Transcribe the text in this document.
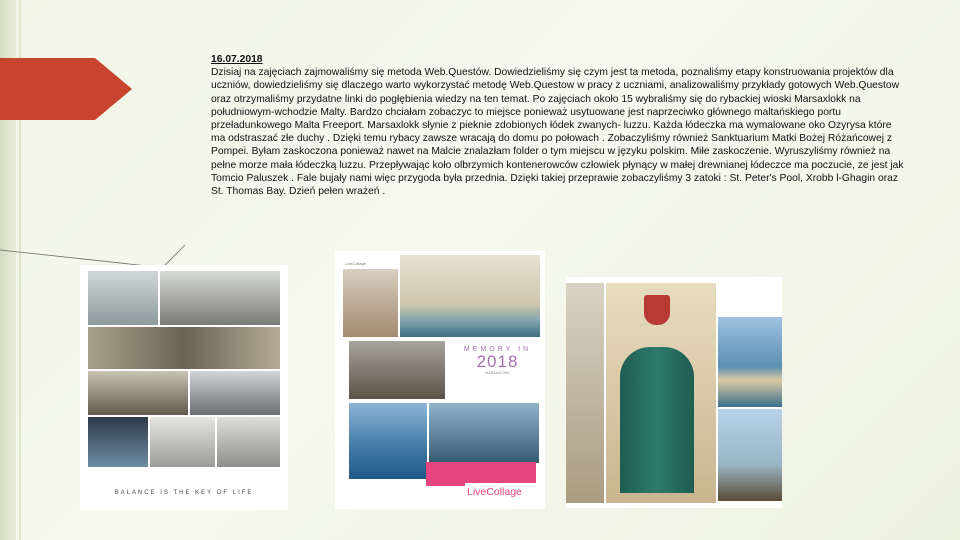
16.07.2018
Dzisiaj na zajęciach zajmowaliśmy się metoda Web.Questów. Dowiedzieliśmy się czym jest ta metoda, poznaliśmy etapy konstruowania projektów dla uczniów, dowiedzieliśmy się dlaczego warto wykorzystać metodę Web.Questow w pracy z uczniami, analizowaliśmy przykłady gotowych Web.Questow oraz otrzymaliśmy przydatne linki do pogłębienia wiedzy na ten temat. Po zajęciach około 15 wybraliśmy się do rybackiej wioski Marsaxlokk na południowym-wchodzie Malty. Bardzo chciałam zobaczyc to miejsce ponieważ usytuowane jest naprzeciwko głównego maltańskiego portu przeładunkowego Malta Freeport. Marsaxlokk słynie z pieknie zdobionych łódek zwanych- luzzu. Każda łódeczka ma wymalowane oko Ozyrysa które ma odstraszać złe duchy . Dzięki temu rybacy zawsze wracają do domu po połowach . Zobaczyliśmy również Sanktuarium Matki Bożej Różańcowej z Pompei. Byłam zaskoczona ponieważ nawet na Malcie znalazłam folder o tym miejscu w języku polskim. Miłe zaskoczenie. Wyruszyliśmy również na pełne morze mała łódeczką luzzu. Przepływając koło olbrzymich kontenerowców człowiek płynący w małej drewnianej łódeczce ma poczucie, ze jest jak Tomcio Paluszek . Fale bujały nami więc przygoda była przednia. Dzięki takiej przeprawie zobaczyliśmy 3 zatoki : St. Peter's Pool, Xrobb l-Ghagin oraz St. Thomas Bay. Dzień pełen wrażeń .
BALANCE IS THE KEY OF LIFE
LiveCollage
MEMORY IN
2018
MARSAXLOKK
LiveCollage
